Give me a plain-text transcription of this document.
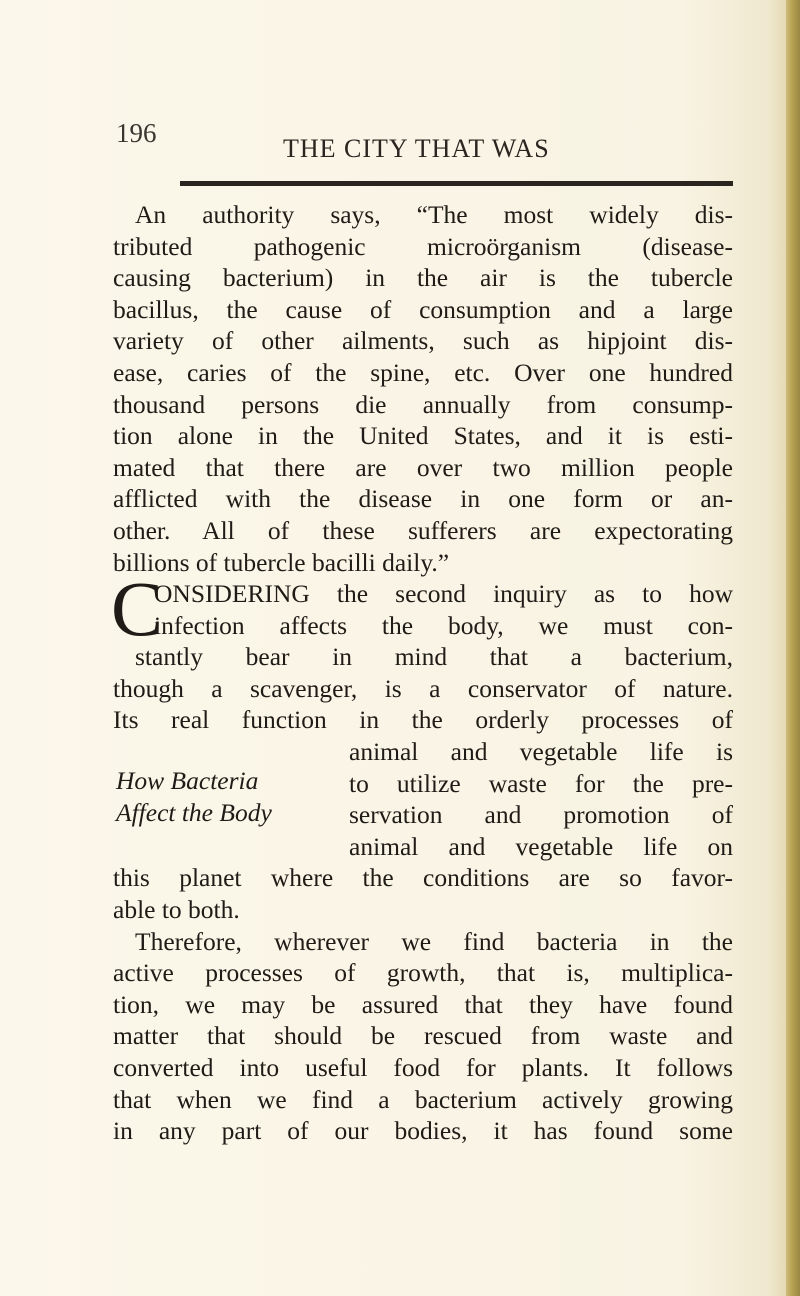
196
THE CITY THAT WAS
An authority says, “The most widely dis-
tributed pathogenic microörganism (disease-
causing bacterium) in the air is the tubercle
bacillus, the cause of consumption and a large
variety of other ailments, such as hipjoint dis-
ease, caries of the spine, etc. Over one hundred
thousand persons die annually from consump-
tion alone in the United States, and it is esti-
mated that there are over two million people
afflicted with the disease in one form or an-
other. All of these sufferers are expectorating
billions of tubercle bacilli daily.”
C
ONSIDERING the second inquiry as to how
infection affects the body, we must con-
stantly bear in mind that a bacterium,
though a scavenger, is a conservator of nature.
Its real function in the orderly processes of
animal and vegetable life is
to utilize waste for the pre-
servation and promotion of
animal and vegetable life on
this planet where the conditions are so favor-
able to both.
Therefore, wherever we find bacteria in the
active processes of growth, that is, multiplica-
tion, we may be assured that they have found
matter that should be rescued from waste and
converted into useful food for plants. It follows
that when we find a bacterium actively growing
in any part of our bodies, it has found some
How Bacteria
Affect the Body
